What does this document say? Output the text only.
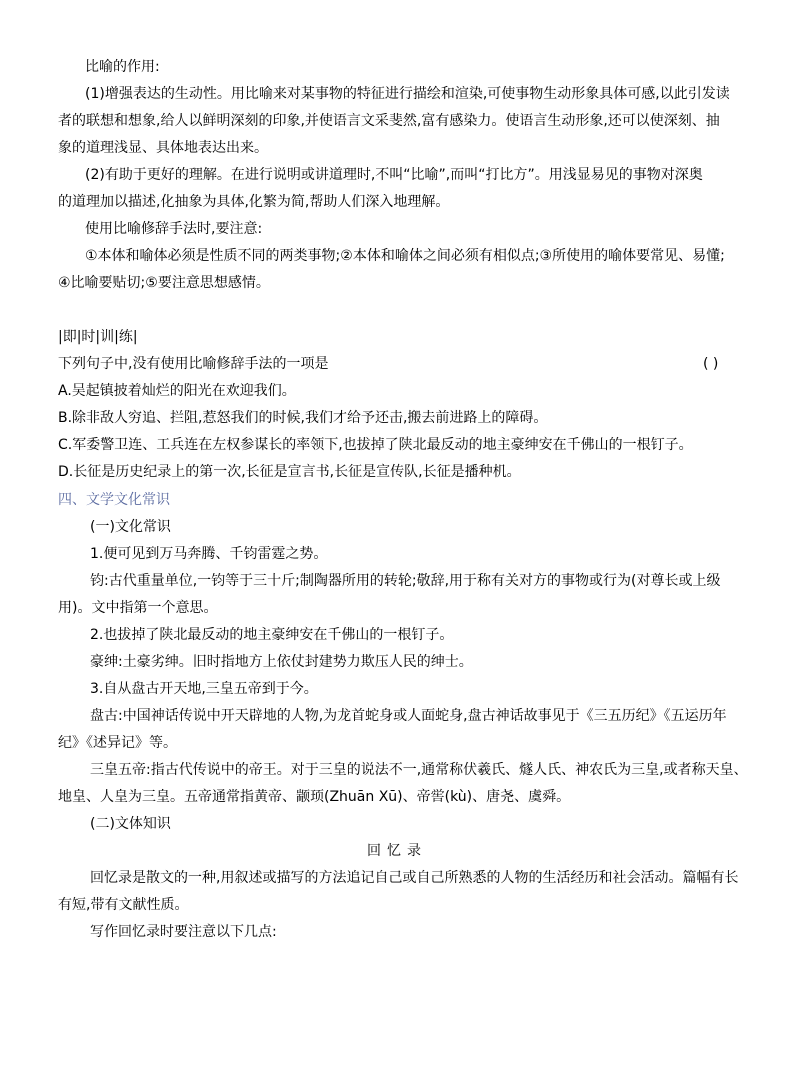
比喻的作用:
(1)增强表达的生动性。用比喻来对某事物的特征进行描绘和渲染,可使事物生动形象具体可感,以此引发读
者的联想和想象,给人以鲜明深刻的印象,并使语言文采斐然,富有感染力。使语言生动形象,还可以使深刻、抽
象的道理浅显、具体地表达出来。
(2)有助于更好的理解。在进行说明或讲道理时,不叫“比喻”,而叫“打比方”。用浅显易见的事物对深奥
的道理加以描述,化抽象为具体,化繁为简,帮助人们深入地理解。
使用比喻修辞手法时,要注意:
①本体和喻体必须是性质不同的两类事物;②本体和喻体之间必须有相似点;③所使用的喻体要常见、易懂;
④比喻要贴切;⑤要注意思想感情。
|即|时|训|练|
下列句子中,没有使用比喻修辞手法的一项是	( )
A.吴起镇披着灿烂的阳光在欢迎我们。
B.除非敌人穷追、拦阻,惹怒我们的时候,我们才给予还击,搬去前进路上的障碍。
C.军委警卫连、工兵连在左权参谋长的率领下,也拔掉了陕北最反动的地主豪绅安在千佛山的一根钉子。
D.长征是历史纪录上的第一次,长征是宣言书,长征是宣传队,长征是播种机。
四、文学文化常识
(一)文化常识
1.便可见到万马奔腾、千钧雷霆之势。
钧:古代重量单位,一钧等于三十斤;制陶器所用的转轮;敬辞,用于称有关对方的事物或行为(对尊长或上级
用)。文中指第一个意思。
2.也拔掉了陕北最反动的地主豪绅安在千佛山的一根钉子。
豪绅:土豪劣绅。旧时指地方上依仗封建势力欺压人民的绅士。
3.自从盘古开天地,三皇五帝到于今。
盘古:中国神话传说中开天辟地的人物,为龙首蛇身或人面蛇身,盘古神话故事见于《三五历纪》《五运历年
纪》《述异记》等。
三皇五帝:指古代传说中的帝王。对于三皇的说法不一,通常称伏羲氏、燧人氏、神农氏为三皇,或者称天皇、
地皇、人皇为三皇。五帝通常指黄帝、颛顼(Zhuān Xū)、帝喾(kù)、唐尧、虞舜。
(二)文体知识
回忆录
回忆录是散文的一种,用叙述或描写的方法追记自己或自己所熟悉的人物的生活经历和社会活动。篇幅有长
有短,带有文献性质。
写作回忆录时要注意以下几点:
